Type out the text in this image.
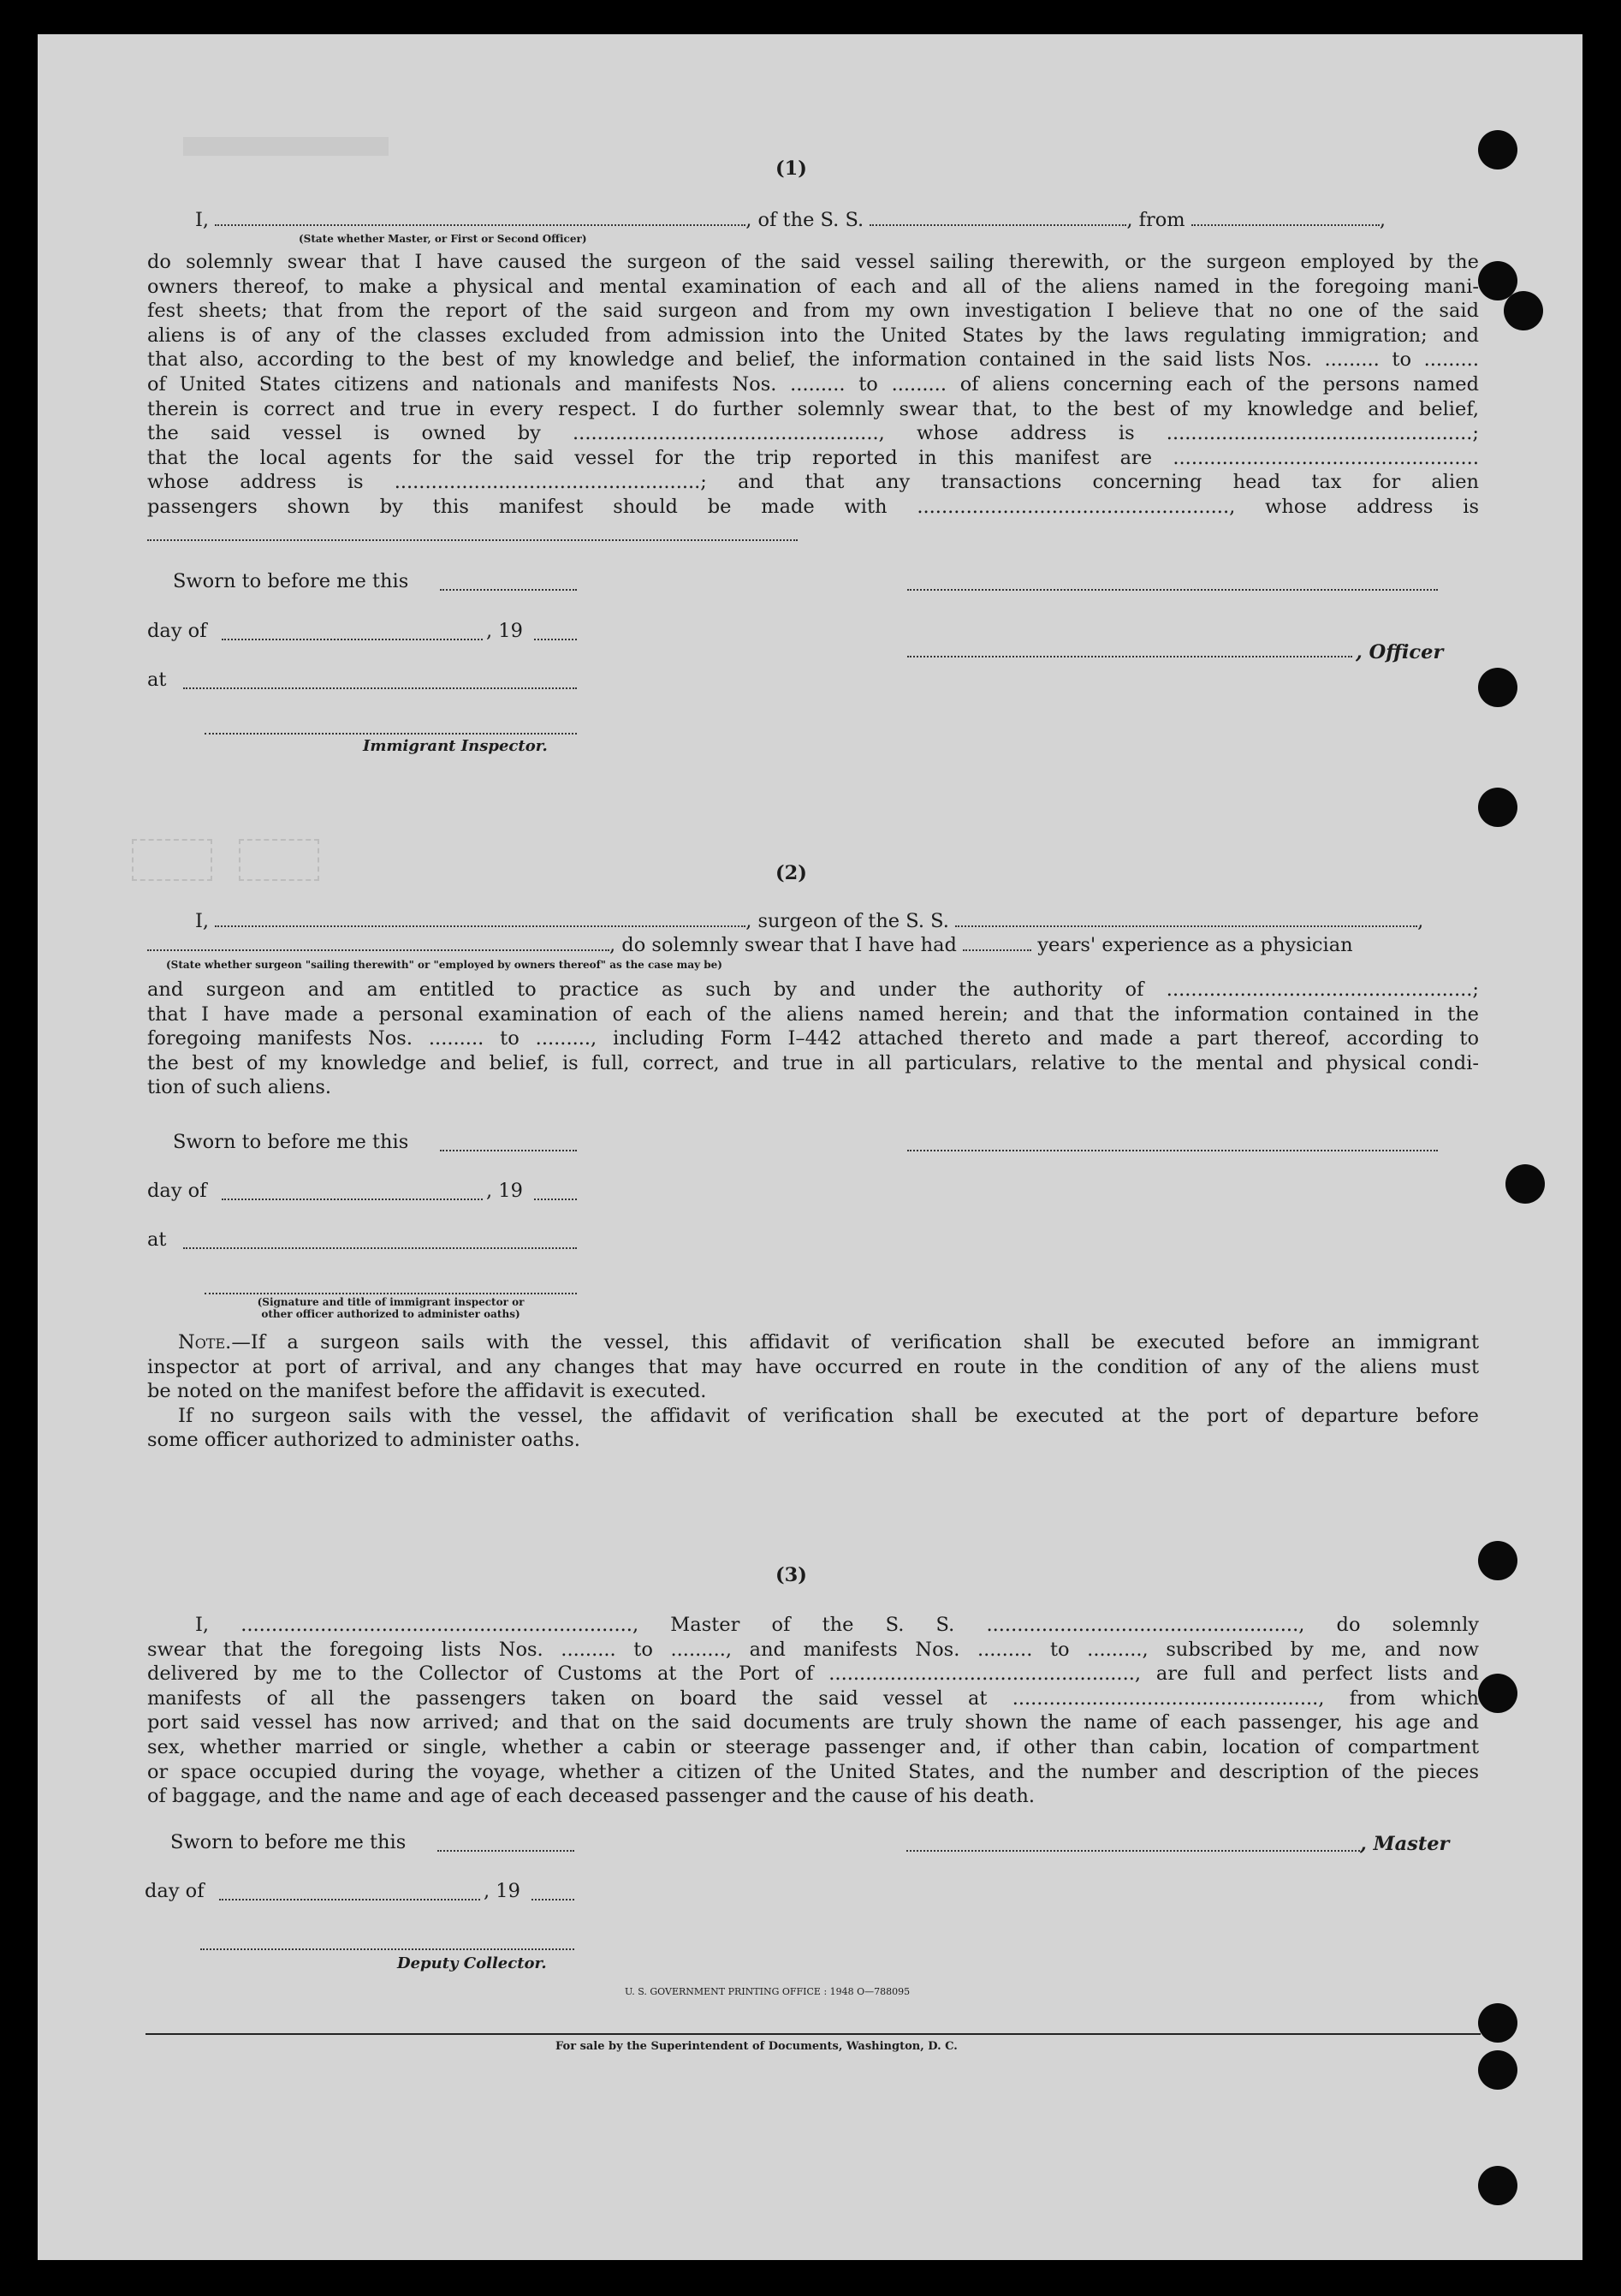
(1)
I,	, of the S. S.	, from	,
(State whether Master, or First or Second Officer)
do solemnly swear that I have caused the surgeon of the said vessel sailing therewith, or the surgeon employed by the
owners thereof, to make a physical and mental examination of each and all of the aliens named in the foregoing mani-
fest sheets; that from the report of the said surgeon and from my own investigation I believe that no one of the said
aliens is of any of the classes excluded from admission into the United States by the laws regulating immigration; and
that also, according to the best of my knowledge and belief, the information contained in the said lists Nos. ......... to .........
of United States citizens and nationals and manifests Nos. ......... to ......... of aliens concerning each of the persons named
therein is correct and true in every respect. I do further solemnly swear that, to the best of my knowledge and belief,
the said vessel is owned by .................................................., whose address is ..................................................;
that the local agents for the said vessel for the trip reported in this manifest are ..................................................
whose address is ..................................................; and that any transactions concerning head tax for alien
passengers shown by this manifest should be made with ..................................................., whose address is
Sworn to before me this
day of	, 19
, Officer
at
Immigrant Inspector.
(2)
I,	, surgeon of the S. S.	,
, do solemnly swear that I have had	years' experience as a physician
(State whether surgeon "sailing therewith" or "employed by owners thereof" as the case may be)
and surgeon and am entitled to practice as such by and under the authority of ..................................................;
that I have made a personal examination of each of the aliens named herein; and that the information contained in the
foregoing manifests Nos. ......... to ........., including Form I–442 attached thereto and made a part thereof, according to
the best of my knowledge and belief, is full, correct, and true in all particulars, relative to the mental and physical condi-
tion of such aliens.
Sworn to before me this
day of	, 19
at
(Signature and title of immigrant inspector or
other officer authorized to administer oaths)
Note.—If a surgeon sails with the vessel, this affidavit of verification shall be executed before an immigrant
inspector at port of arrival, and any changes that may have occurred en route in the condition of any of the aliens must
be noted on the manifest before the affidavit is executed.
If no surgeon sails with the vessel, the affidavit of verification shall be executed at the port of departure before
some officer authorized to administer oaths.
(3)
I, ................................................................, Master of the S. S. ..................................................., do solemnly
swear that the foregoing lists Nos. ......... to ........., and manifests Nos. ......... to ........., subscribed by me, and now
delivered by me to the Collector of Customs at the Port of .................................................., are full and perfect lists and
manifests of all the passengers taken on board the said vessel at .................................................., from which
port said vessel has now arrived; and that on the said documents are truly shown the name of each passenger, his age and
sex, whether married or single, whether a cabin or steerage passenger and, if other than cabin, location of compartment
or space occupied during the voyage, whether a citizen of the United States, and the number and description of the pieces
of baggage, and the name and age of each deceased passenger and the cause of his death.
Sworn to before me this	, Master
day of	, 19
Deputy Collector.
U. S. GOVERNMENT PRINTING OFFICE : 1948 O—788095
For sale by the Superintendent of Documents, Washington, D. C.
